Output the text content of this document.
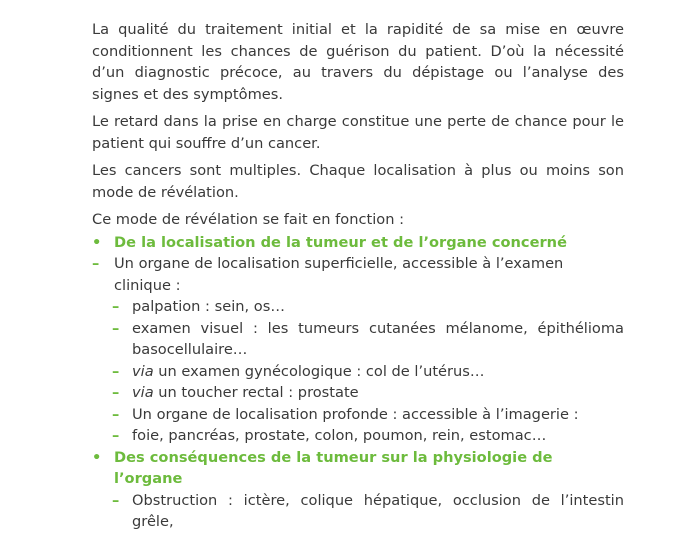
La qualité du traitement initial et la rapidité de sa mise en œuvre conditionnent les chances de guérison du patient. D’où la nécessité d’un diagnostic précoce, au travers du dépistage ou l’analyse des signes et des symptômes.

Le retard dans la prise en charge constitue une perte de chance pour le patient qui souffre d’un cancer.

Les cancers sont multiples. Chaque localisation à plus ou moins son mode de révélation.

Ce mode de révélation se fait en fonction :

• De la localisation de la tumeur et de l’organe concerné
– Un organe de localisation superficielle, accessible à l’examen clinique :
– palpation : sein, os…
– examen visuel : les tumeurs cutanées mélanome, épithélioma basocellulaire…
– via un examen gynécologique : col de l’utérus…
– via un toucher rectal : prostate
– Un organe de localisation profonde : accessible à l’imagerie :
– foie, pancréas, prostate, colon, poumon, rein, estomac…
• Des conséquences de la tumeur sur la physiologie de l’organe
– Obstruction : ictère, colique hépatique, occlusion de l’intestin grêle,
